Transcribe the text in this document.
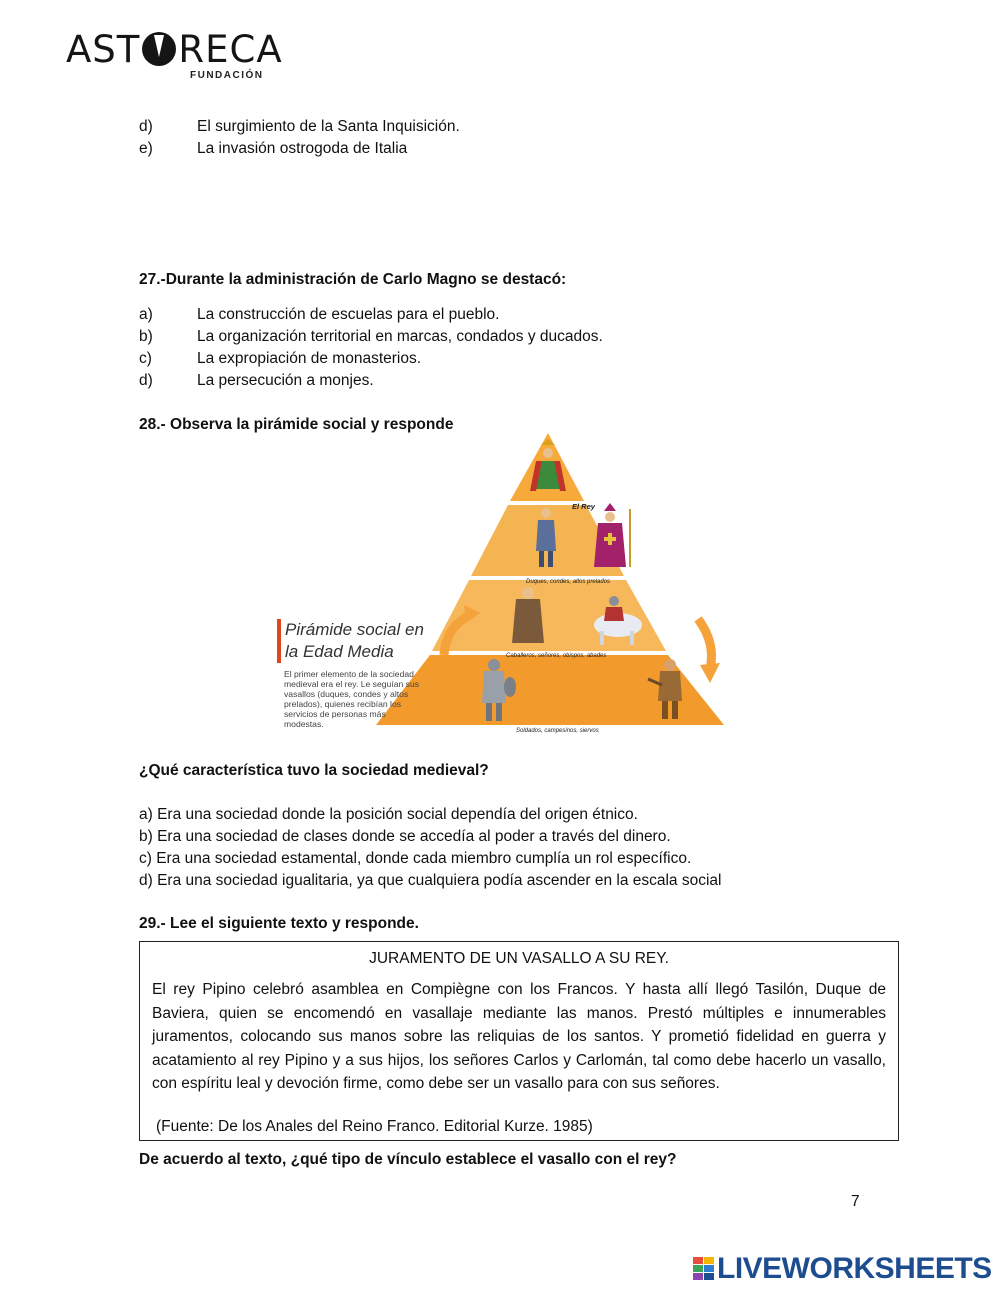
AST RECA
FUNDACIÓN
d)	El surgimiento de la Santa Inquisición.
e)	La invasión ostrogoda de Italia
27.-Durante la administración de Carlo Magno se destacó:
a)	La construcción de escuelas para el pueblo.
b)	La organización territorial en marcas, condados y ducados.
c)	La expropiación de monasterios.
d)	La persecución a monjes.
28.- Observa la pirámide social y responde
El Rey
Duques, condes, altos prelados
Caballeros, señores, obispos, abades
Soldados, campesinos, siervos
Pirámide social en
la Edad Media
El primer elemento de la sociedad
medieval era el rey. Le seguían sus
vasallos (duques, condes y altos
prelados), quienes recibían los
servicios de personas más
modestas.
¿Qué característica tuvo la sociedad medieval?
a) Era una sociedad donde la posición social dependía del origen étnico.
b) Era una sociedad de clases donde se accedía al poder a través del dinero.
c) Era una sociedad estamental, donde cada miembro cumplía un rol específico.
d) Era una sociedad igualitaria, ya que cualquiera podía ascender en la escala social
29.- Lee el siguiente texto y responde.
JURAMENTO DE UN VASALLO A SU REY.
El rey Pipino celebró asamblea en Compiègne con los Francos. Y hasta allí llegó Tasilón, Duque de Baviera, quien se encomendó en vasallaje mediante las manos. Prestó múltiples e innumerables juramentos, colocando sus manos sobre las reliquias de los santos. Y prometió fidelidad en guerra y acatamiento al rey Pipino y a sus hijos, los señores Carlos y Carlomán, tal como debe hacerlo un vasallo, con espíritu leal y devoción firme, como debe ser un vasallo para con sus señores.
(Fuente: De los Anales del Reino Franco. Editorial Kurze. 1985)
De acuerdo al texto, ¿qué tipo de vínculo establece el vasallo con el rey?
7
LIVEWORKSHEETS
